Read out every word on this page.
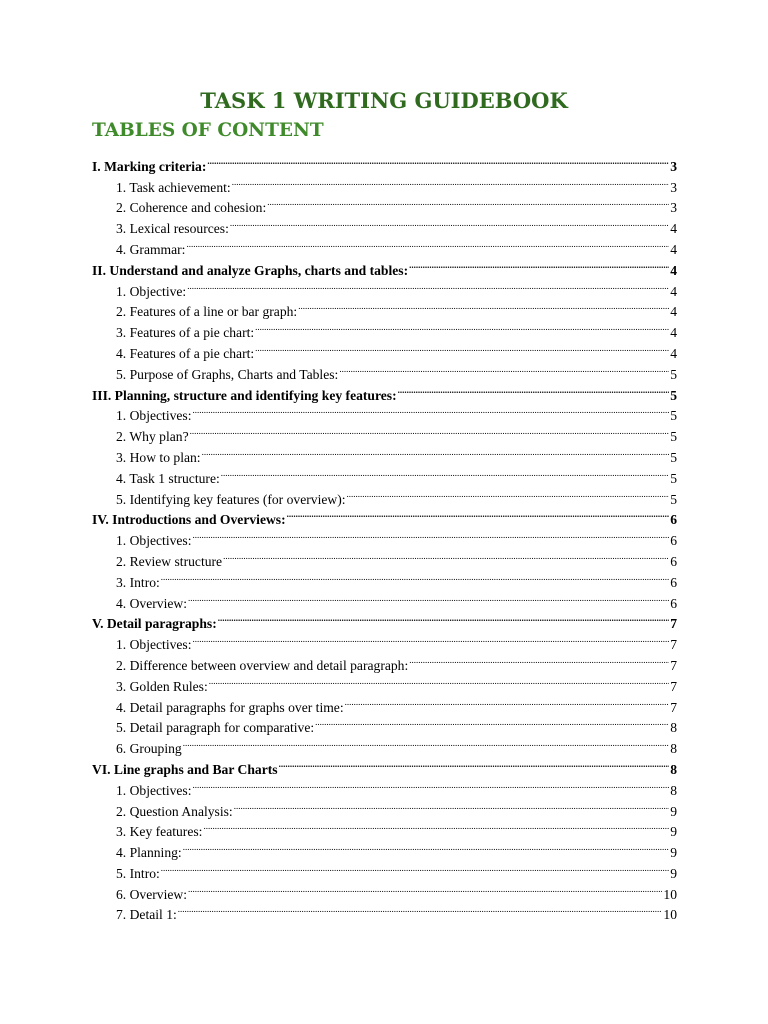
TASK 1 WRITING GUIDEBOOK
TABLES OF CONTENT
I. Marking criteria: .....	3
1. Task achievement: .....	3
2. Coherence and cohesion: .....	3
3. Lexical resources: .....	4
4. Grammar: .....	4
II. Understand and analyze Graphs, charts and tables: .....	4
1. Objective: .....	4
2. Features of a line or bar graph: .....	4
3. Features of a pie chart: .....	4
4. Features of a pie chart: .....	4
5. Purpose of Graphs, Charts and Tables: .....	5
III. Planning, structure and identifying key features: .....	5
1. Objectives: .....	5
2. Why plan? .....	5
3. How to plan: .....	5
4. Task 1 structure: .....	5
5. Identifying key features (for overview): .....	5
IV. Introductions and Overviews: .....	6
1. Objectives: .....	6
2. Review structure .....	6
3. Intro: .....	6
4. Overview: .....	6
V. Detail paragraphs: .....	7
1. Objectives: .....	7
2. Difference between overview and detail paragraph: .....	7
3. Golden Rules: .....	7
4. Detail paragraphs for graphs over time: .....	7
5. Detail paragraph for comparative: .....	8
6. Grouping .....	8
VI. Line graphs and Bar Charts .....	8
1. Objectives: .....	8
2. Question Analysis: .....	9
3. Key features: .....	9
4. Planning: .....	9
5. Intro: .....	9
6. Overview: .....	10
7. Detail 1: .....	10
